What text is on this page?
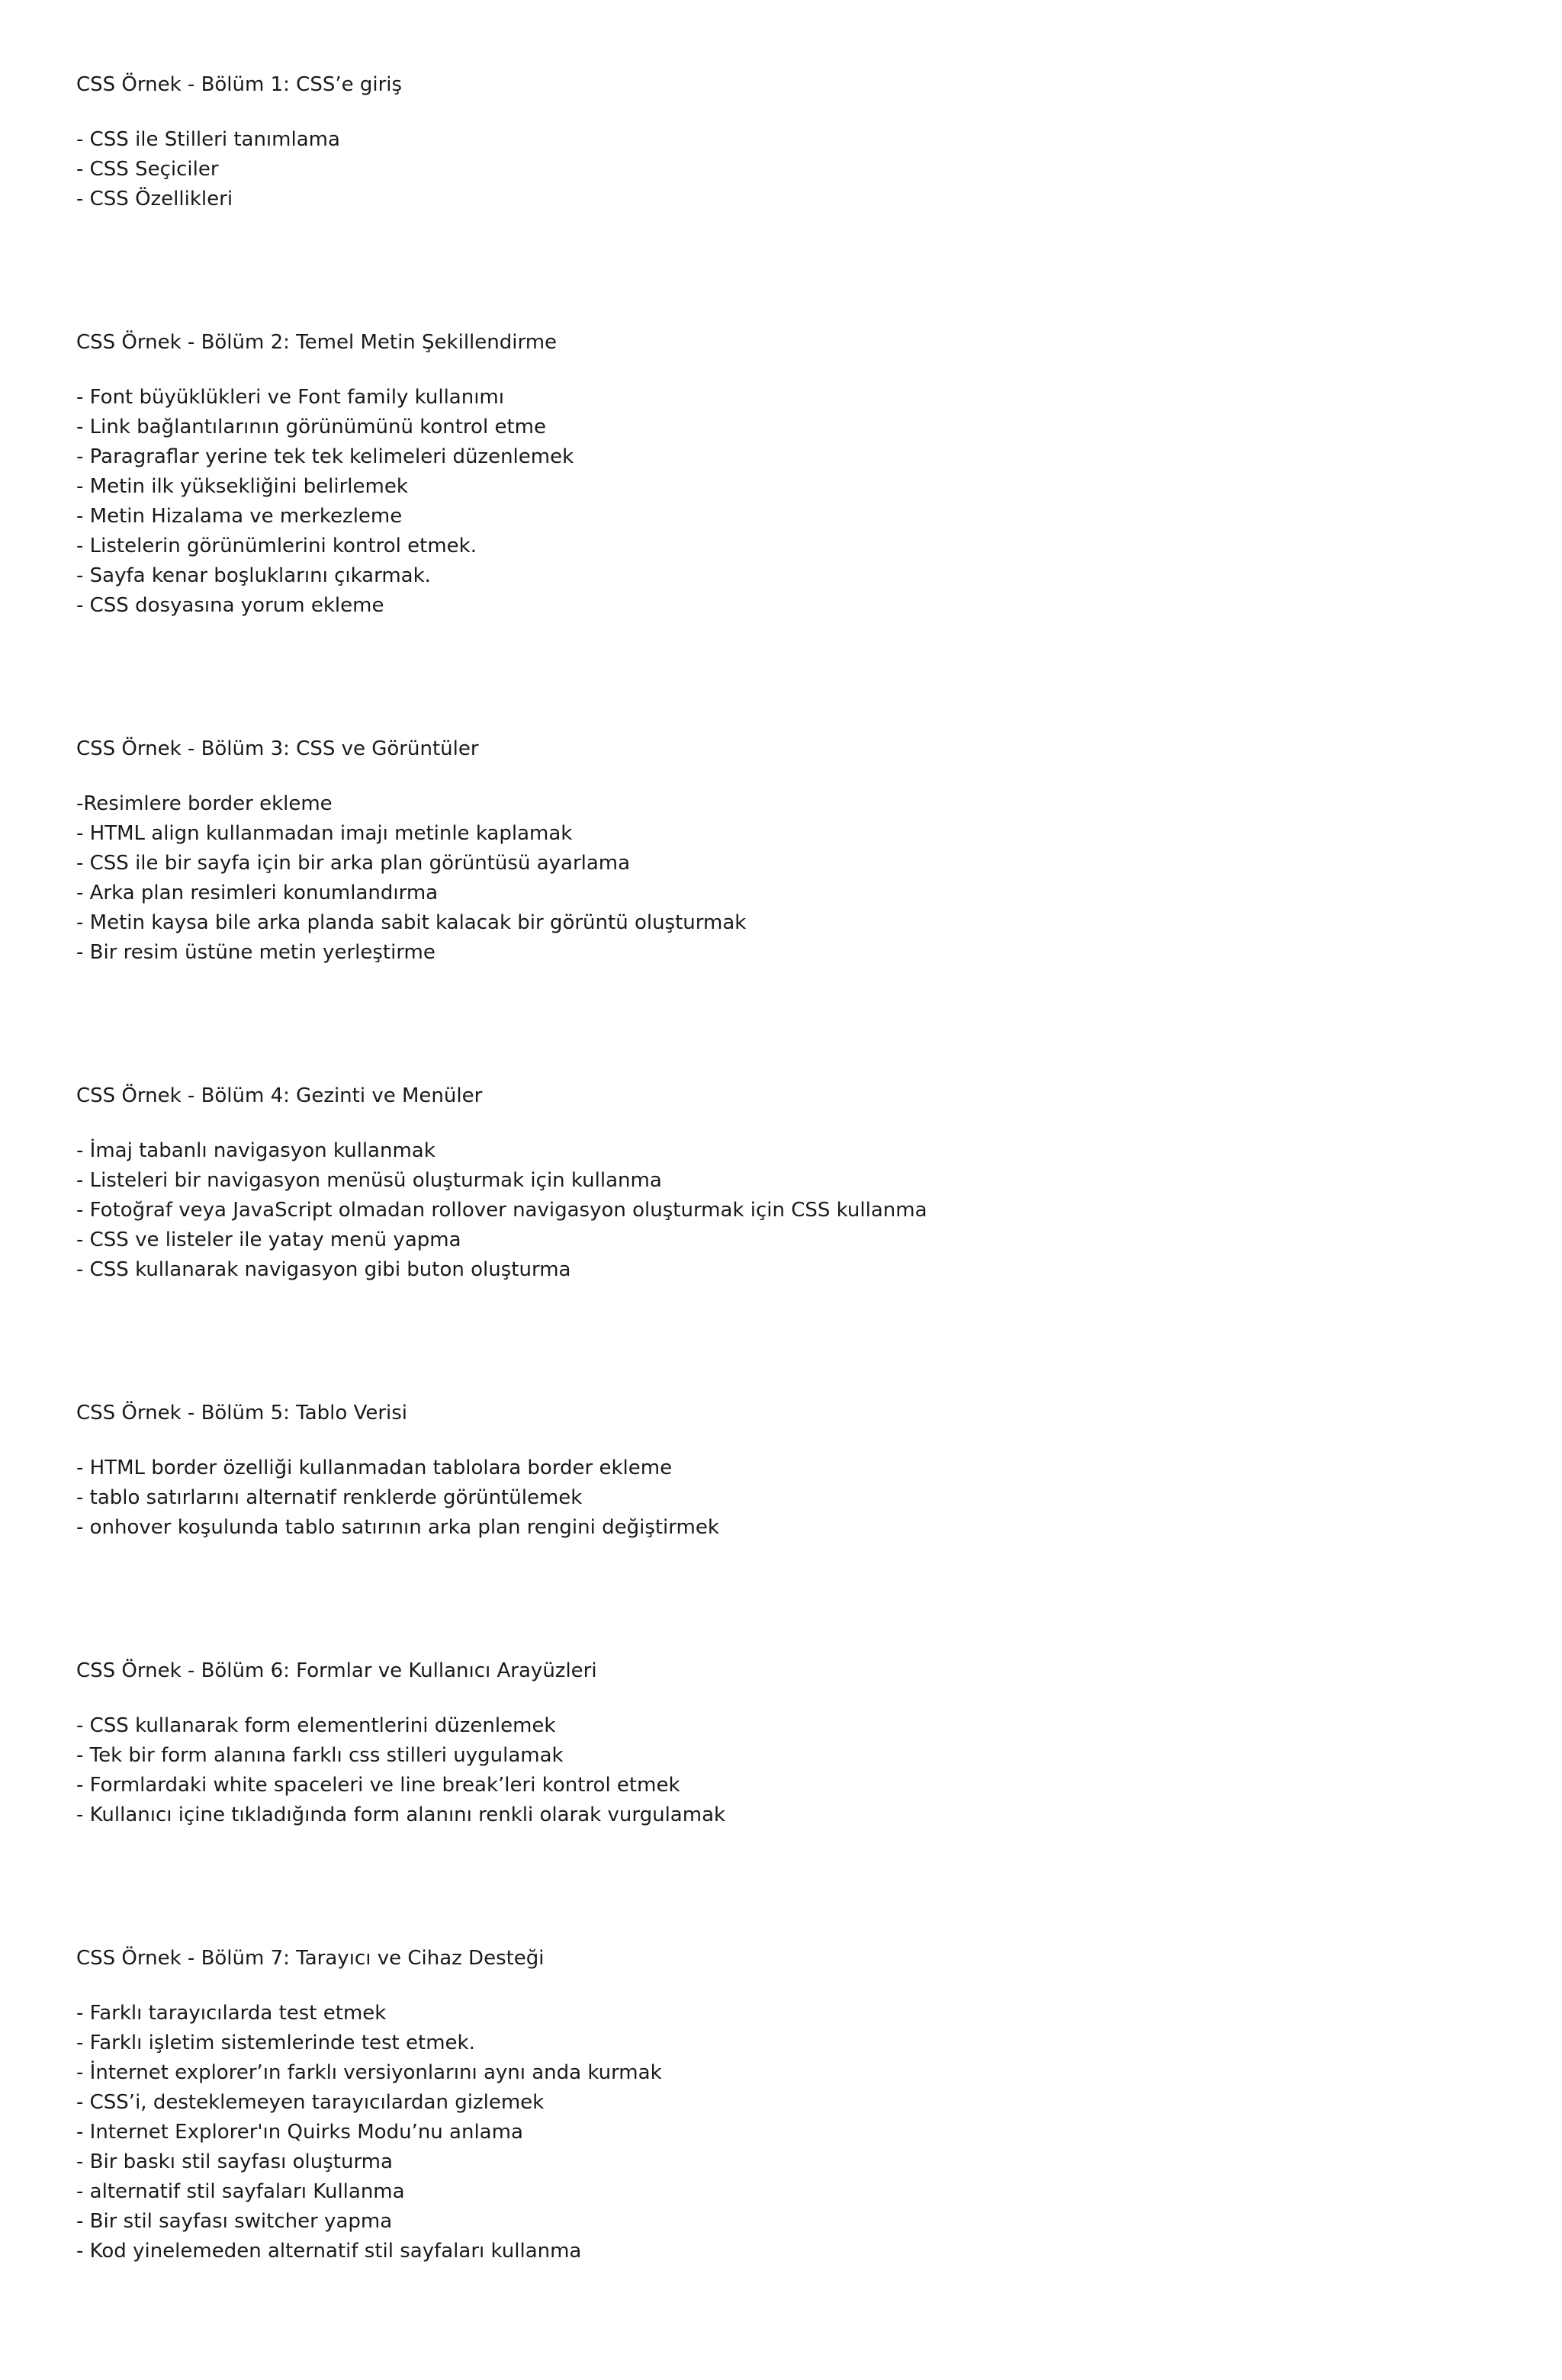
CSS Örnek - Bölüm 1: CSS’e giriş
- CSS ile Stilleri tanımlama
- CSS Seçiciler
- CSS Özellikleri
CSS Örnek - Bölüm 2: Temel Metin Şekillendirme
- Font büyüklükleri ve Font family kullanımı
- Link bağlantılarının görünümünü kontrol etme
- Paragraflar yerine tek tek kelimeleri düzenlemek
- Metin ilk yüksekliğini belirlemek
- Metin Hizalama ve merkezleme
- Listelerin görünümlerini kontrol etmek.
- Sayfa kenar boşluklarını çıkarmak.
- CSS dosyasına yorum ekleme
CSS Örnek - Bölüm 3: CSS ve Görüntüler
-Resimlere border ekleme
- HTML align kullanmadan imajı metinle kaplamak
- CSS ile bir sayfa için bir arka plan görüntüsü ayarlama
- Arka plan resimleri konumlandırma
- Metin kaysa bile arka planda sabit kalacak bir görüntü oluşturmak
- Bir resim üstüne metin yerleştirme
CSS Örnek - Bölüm 4: Gezinti ve Menüler
- İmaj tabanlı navigasyon kullanmak
- Listeleri bir navigasyon menüsü oluşturmak için kullanma
- Fotoğraf veya JavaScript olmadan rollover navigasyon oluşturmak için CSS kullanma
- CSS ve listeler ile yatay menü yapma
- CSS kullanarak navigasyon gibi buton oluşturma
CSS Örnek - Bölüm 5: Tablo Verisi
- HTML border özelliği kullanmadan tablolara border ekleme
- tablo satırlarını alternatif renklerde görüntülemek
- onhover koşulunda tablo satırının arka plan rengini değiştirmek
CSS Örnek - Bölüm 6: Formlar ve Kullanıcı Arayüzleri
- CSS kullanarak form elementlerini düzenlemek
- Tek bir form alanına farklı css stilleri uygulamak
- Formlardaki white spaceleri ve line break’leri kontrol etmek
- Kullanıcı içine tıkladığında form alanını renkli olarak vurgulamak
CSS Örnek - Bölüm 7: Tarayıcı ve Cihaz Desteği
- Farklı tarayıcılarda test etmek
- Farklı işletim sistemlerinde test etmek.
- İnternet explorer’ın farklı versiyonlarını aynı anda kurmak
- CSS’i, desteklemeyen tarayıcılardan gizlemek
- Internet Explorer'ın Quirks Modu’nu anlama
- Bir baskı stil sayfası oluşturma
- alternatif stil sayfaları Kullanma
- Bir stil sayfası switcher yapma
- Kod yinelemeden alternatif stil sayfaları kullanma
